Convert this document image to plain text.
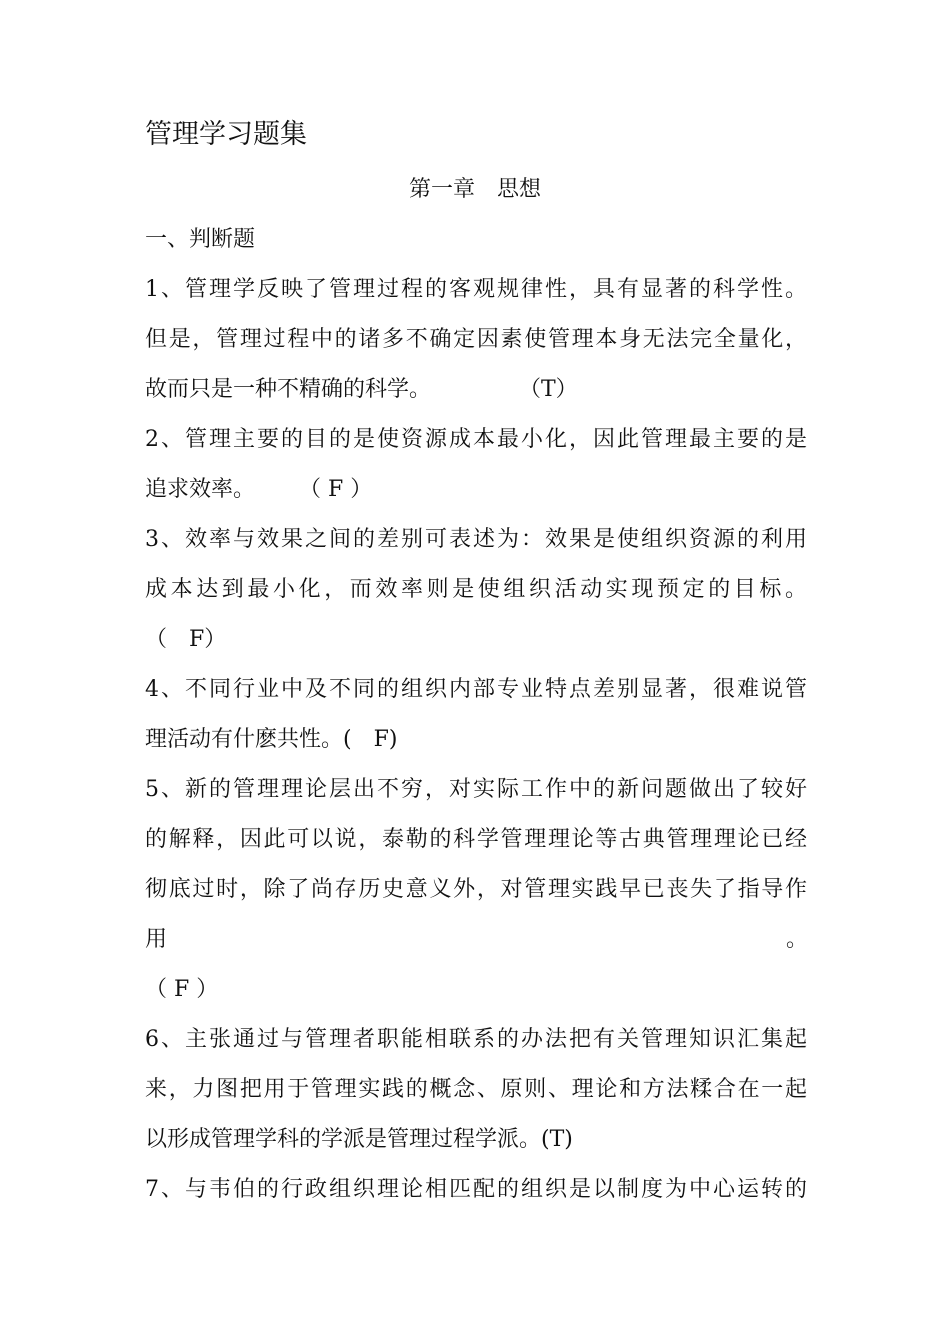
管理学习题集
第一章　思想
一、判断题
1、管理学反映了管理过程的客观规律性，具有显著的科学性。
但是，管理过程中的诸多不确定因素使管理本身无法完全量化，
故而只是一种不精确的科学。　　　　　（T）
2、管理主要的目的是使资源成本最小化，因此管理最主要的是
追求效率。　　　（ F ）
3、效率与效果之间的差别可表述为：效果是使组织资源的利用
成本达到最小化，而效率则是使组织活动实现预定的目标。
（　F）
4、不同行业中及不同的组织内部专业特点差别显著，很难说管
理活动有什麽共性。(　F)
5、新的管理理论层出不穷，对实际工作中的新问题做出了较好
的解释，因此可以说，泰勒的科学管理理论等古典管理理论已经
彻底过时，除了尚存历史意义外，对管理实践早已丧失了指导作
用	。
（ F ）
6、主张通过与管理者职能相联系的办法把有关管理知识汇集起
来，力图把用于管理实践的概念、原则、理论和方法糅合在一起
以形成管理学科的学派是管理过程学派。(T)
7、与韦伯的行政组织理论相匹配的组织是以制度为中心运转的
